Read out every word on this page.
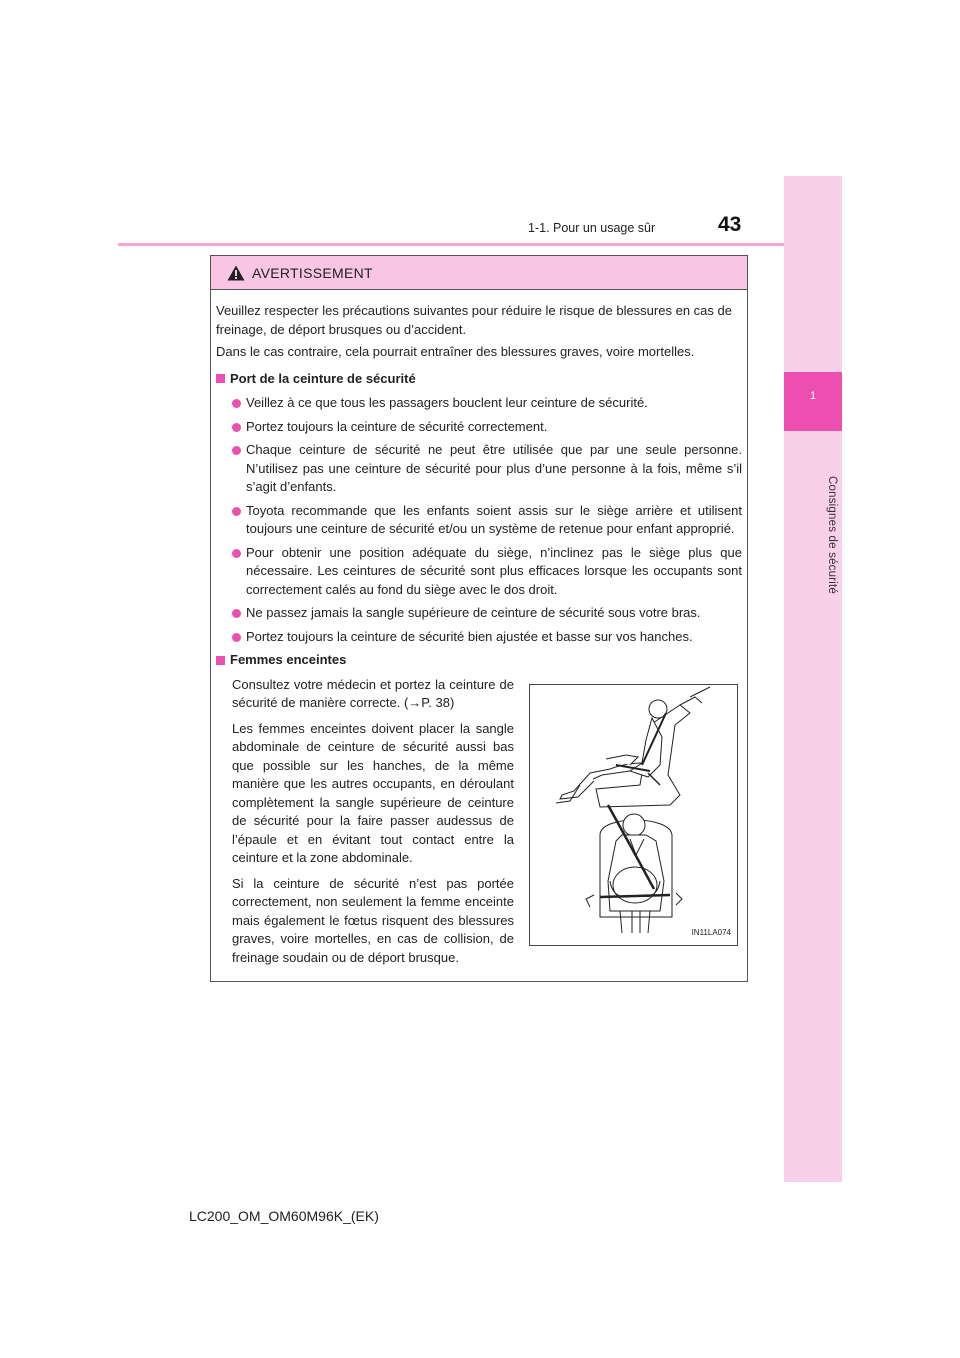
1
Consignes de sécurité
1-1. Pour un usage sûr	43
AVERTISSEMENT

Veuillez respecter les précautions suivantes pour réduire le risque de blessures en cas de freinage, de déport brusques ou d’accident.

Dans le cas contraire, cela pourrait entraîner des blessures graves, voire mortelles.

Port de la ceinture de sécurité
Veillez à ce que tous les passagers bouclent leur ceinture de sécurité.
Portez toujours la ceinture de sécurité correctement.
Chaque ceinture de sécurité ne peut être utilisée que par une seule personne. N’utilisez pas une ceinture de sécurité pour plus d’une personne à la fois, même s’il s’agit d’enfants.
Toyota recommande que les enfants soient assis sur le siège arrière et utilisent toujours une ceinture de sécurité et/ou un système de retenue pour enfant approprié.
Pour obtenir une position adéquate du siège, n’inclinez pas le siège plus que nécessaire. Les ceintures de sécurité sont plus efficaces lorsque les occupants sont correctement calés au fond du siège avec le dos droit.
Ne passez jamais la sangle supérieure de ceinture de sécurité sous votre bras.
Portez toujours la ceinture de sécurité bien ajustée et basse sur vos hanches.
Femmes enceintes

Consultez votre médecin et portez la ceinture de sécurité de manière correcte. (→P. 38)

Les femmes enceintes doivent placer la sangle abdominale de ceinture de sécurité aussi bas que possible sur les hanches, de la même manière que les autres occupants, en déroulant complètement la sangle supérieure de ceinture de sécurité pour la faire passer audessus de l’épaule et en évitant tout contact entre la ceinture et la zone abdominale.

Si la ceinture de sécurité n’est pas portée correctement, non seulement la femme enceinte mais également le fœtus risquent des blessures graves, voire mortelles, en cas de collision, de freinage soudain ou de déport brusque.

IN11LA074
LC200_OM_OM60M96K_(EK)
